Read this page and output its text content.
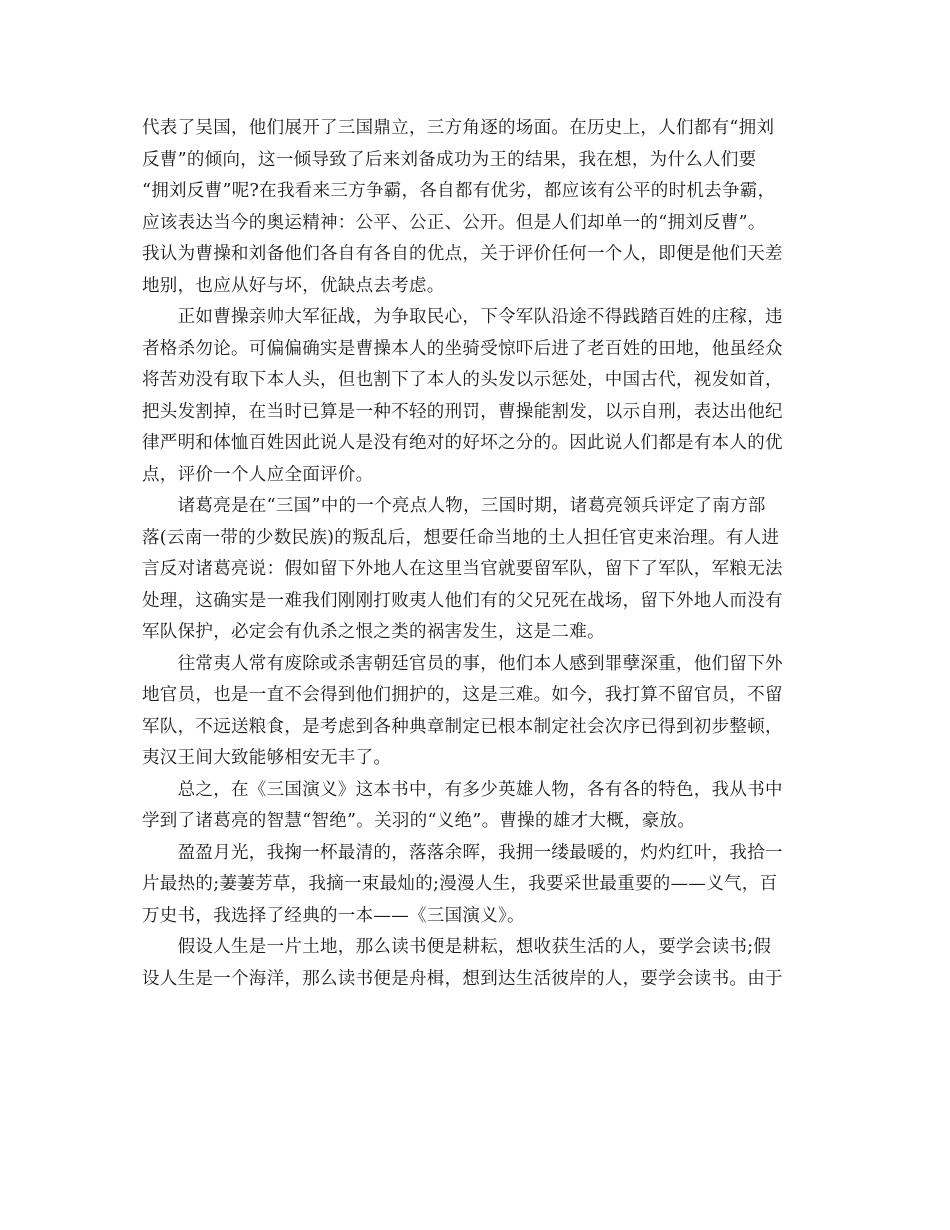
代表了吴国，他们展开了三国鼎立，三方角逐的场面。在历史上，人们都有“拥刘
反曹”的倾向，这一倾导致了后来刘备成功为王的结果，我在想，为什么人们要
“拥刘反曹”呢?在我看来三方争霸，各自都有优劣，都应该有公平的时机去争霸，
应该表达当今的奥运精神：公平、公正、公开。但是人们却单一的“拥刘反曹”。
我认为曹操和刘备他们各自有各自的优点，关于评价任何一个人，即便是他们天差
地别，也应从好与坏，优缺点去考虑。
　　正如曹操亲帅大军征战，为争取民心，下令军队沿途不得践踏百姓的庄稼，违
者格杀勿论。可偏偏确实是曹操本人的坐骑受惊吓后进了老百姓的田地，他虽经众
将苦劝没有取下本人头，但也割下了本人的头发以示惩处，中国古代，视发如首，
把头发割掉，在当时已算是一种不轻的刑罚，曹操能割发，以示自刑，表达出他纪
律严明和体恤百姓因此说人是没有绝对的好坏之分的。因此说人们都是有本人的优
点，评价一个人应全面评价。
　　诸葛亮是在“三国”中的一个亮点人物，三国时期，诸葛亮领兵评定了南方部
落(云南一带的少数民族)的叛乱后，想要任命当地的土人担任官吏来治理。有人进
言反对诸葛亮说：假如留下外地人在这里当官就要留军队，留下了军队，军粮无法
处理，这确实是一难我们刚刚打败夷人他们有的父兄死在战场，留下外地人而没有
军队保护，必定会有仇杀之恨之类的祸害发生，这是二难。
　　往常夷人常有废除或杀害朝廷官员的事，他们本人感到罪孽深重，他们留下外
地官员，也是一直不会得到他们拥护的，这是三难。如今，我打算不留官员，不留
军队，不远送粮食，是考虑到各种典章制定已根本制定社会次序已得到初步整顿，
夷汉王间大致能够相安无丰了。
　　总之，在《三国演义》这本书中，有多少英雄人物，各有各的特色，我从书中
学到了诸葛亮的智慧“智绝”。关羽的“义绝”。曹操的雄才大概，豪放。
　　盈盈月光，我掬一杯最清的，落落余晖，我拥一缕最暖的，灼灼红叶，我拾一
片最热的;萋萋芳草，我摘一束最灿的;漫漫人生，我要采世最重要的——义气，百
万史书，我选择了经典的一本——《三国演义》。
　　假设人生是一片土地，那么读书便是耕耘，想收获生活的人，要学会读书;假
设人生是一个海洋，那么读书便是舟楫，想到达生活彼岸的人，要学会读书。由于
